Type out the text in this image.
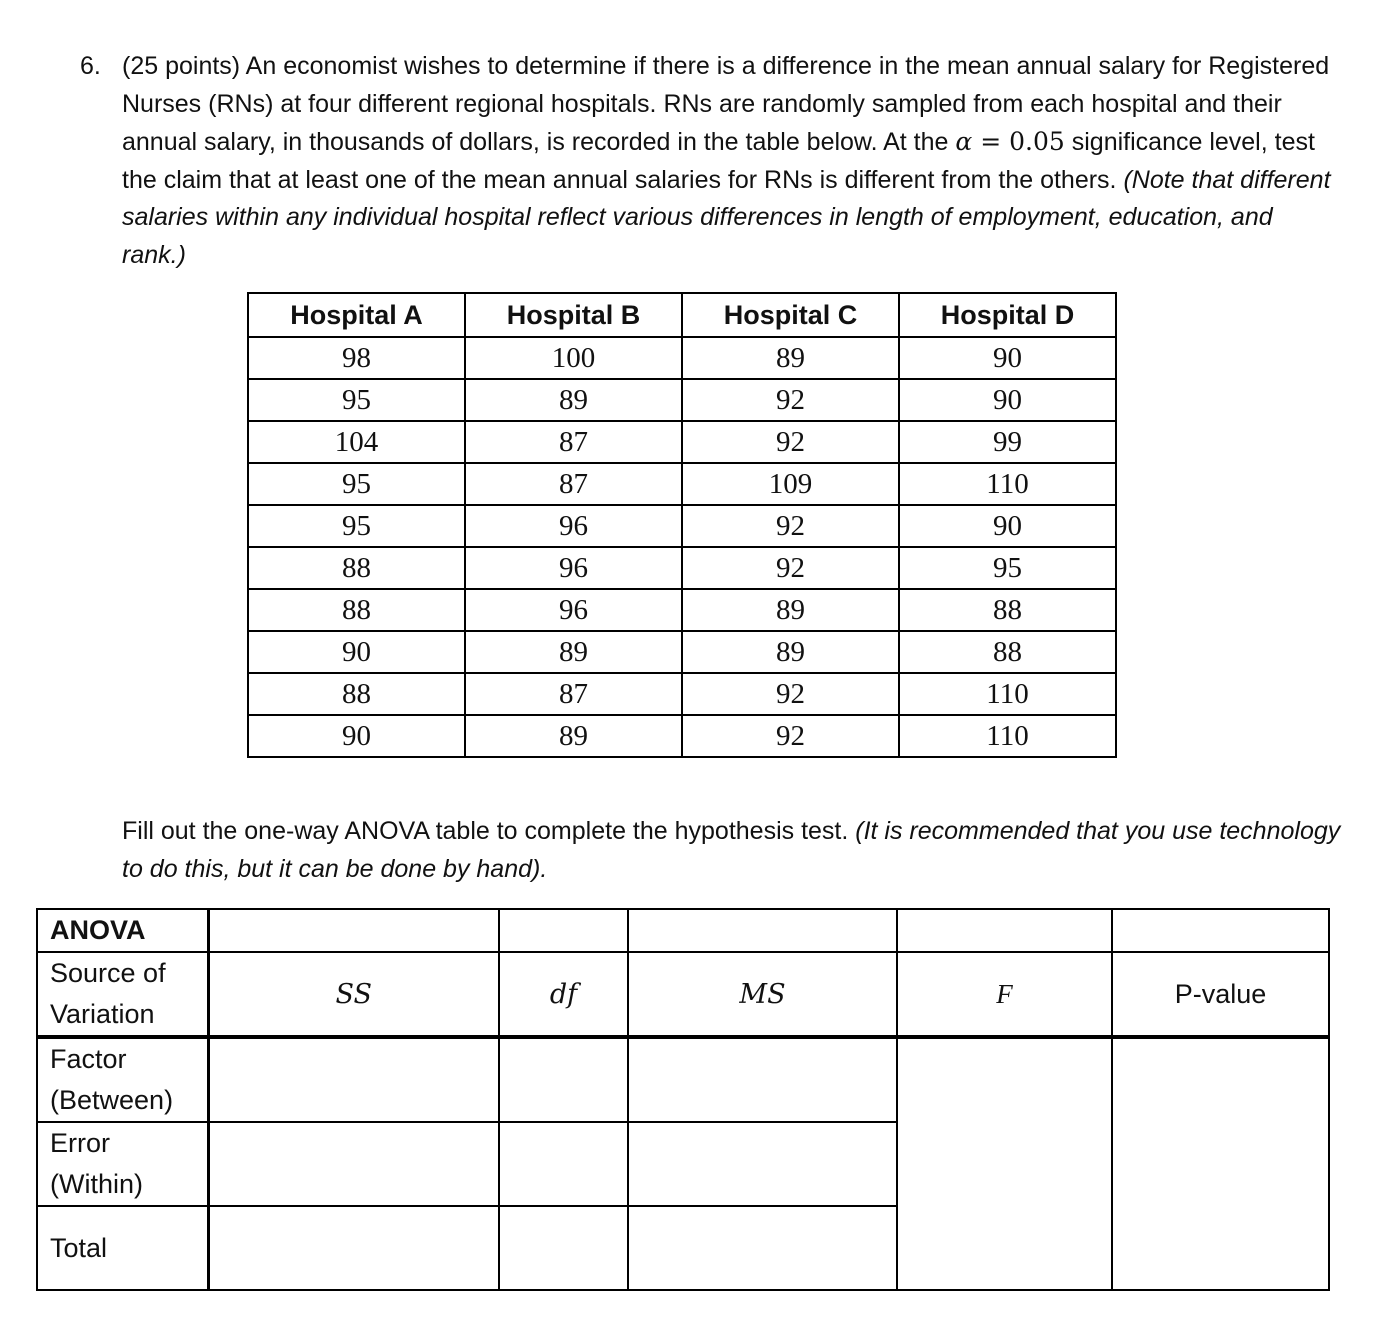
6. (25 points) An economist wishes to determine if there is a difference in the mean annual salary for Registered Nurses (RNs) at four different regional hospitals. RNs are randomly sampled from each hospital and their annual salary, in thousands of dollars, is recorded in the table below. At the α = 0.05 significance level, test the claim that at least one of the mean annual salaries for RNs is different from the others. (Note that different salaries within any individual hospital reflect various differences in length of employment, education, and rank.)
Hospital A	Hospital B	Hospital C	Hospital D
98	100	89	90
95	89	92	90
104	87	92	99
95	87	109	110
95	96	92	90
88	96	92	95
88	96	89	88
90	89	89	88
88	87	92	110
90	89	92	110
Fill out the one-way ANOVA table to complete the hypothesis test. (It is recommended that you use technology to do this, but it can be done by hand).
ANOVA					
Source of
Variation	SS	df	MS	F	P-value
Factor
(Between)					
Error
(Within)					
Total					
